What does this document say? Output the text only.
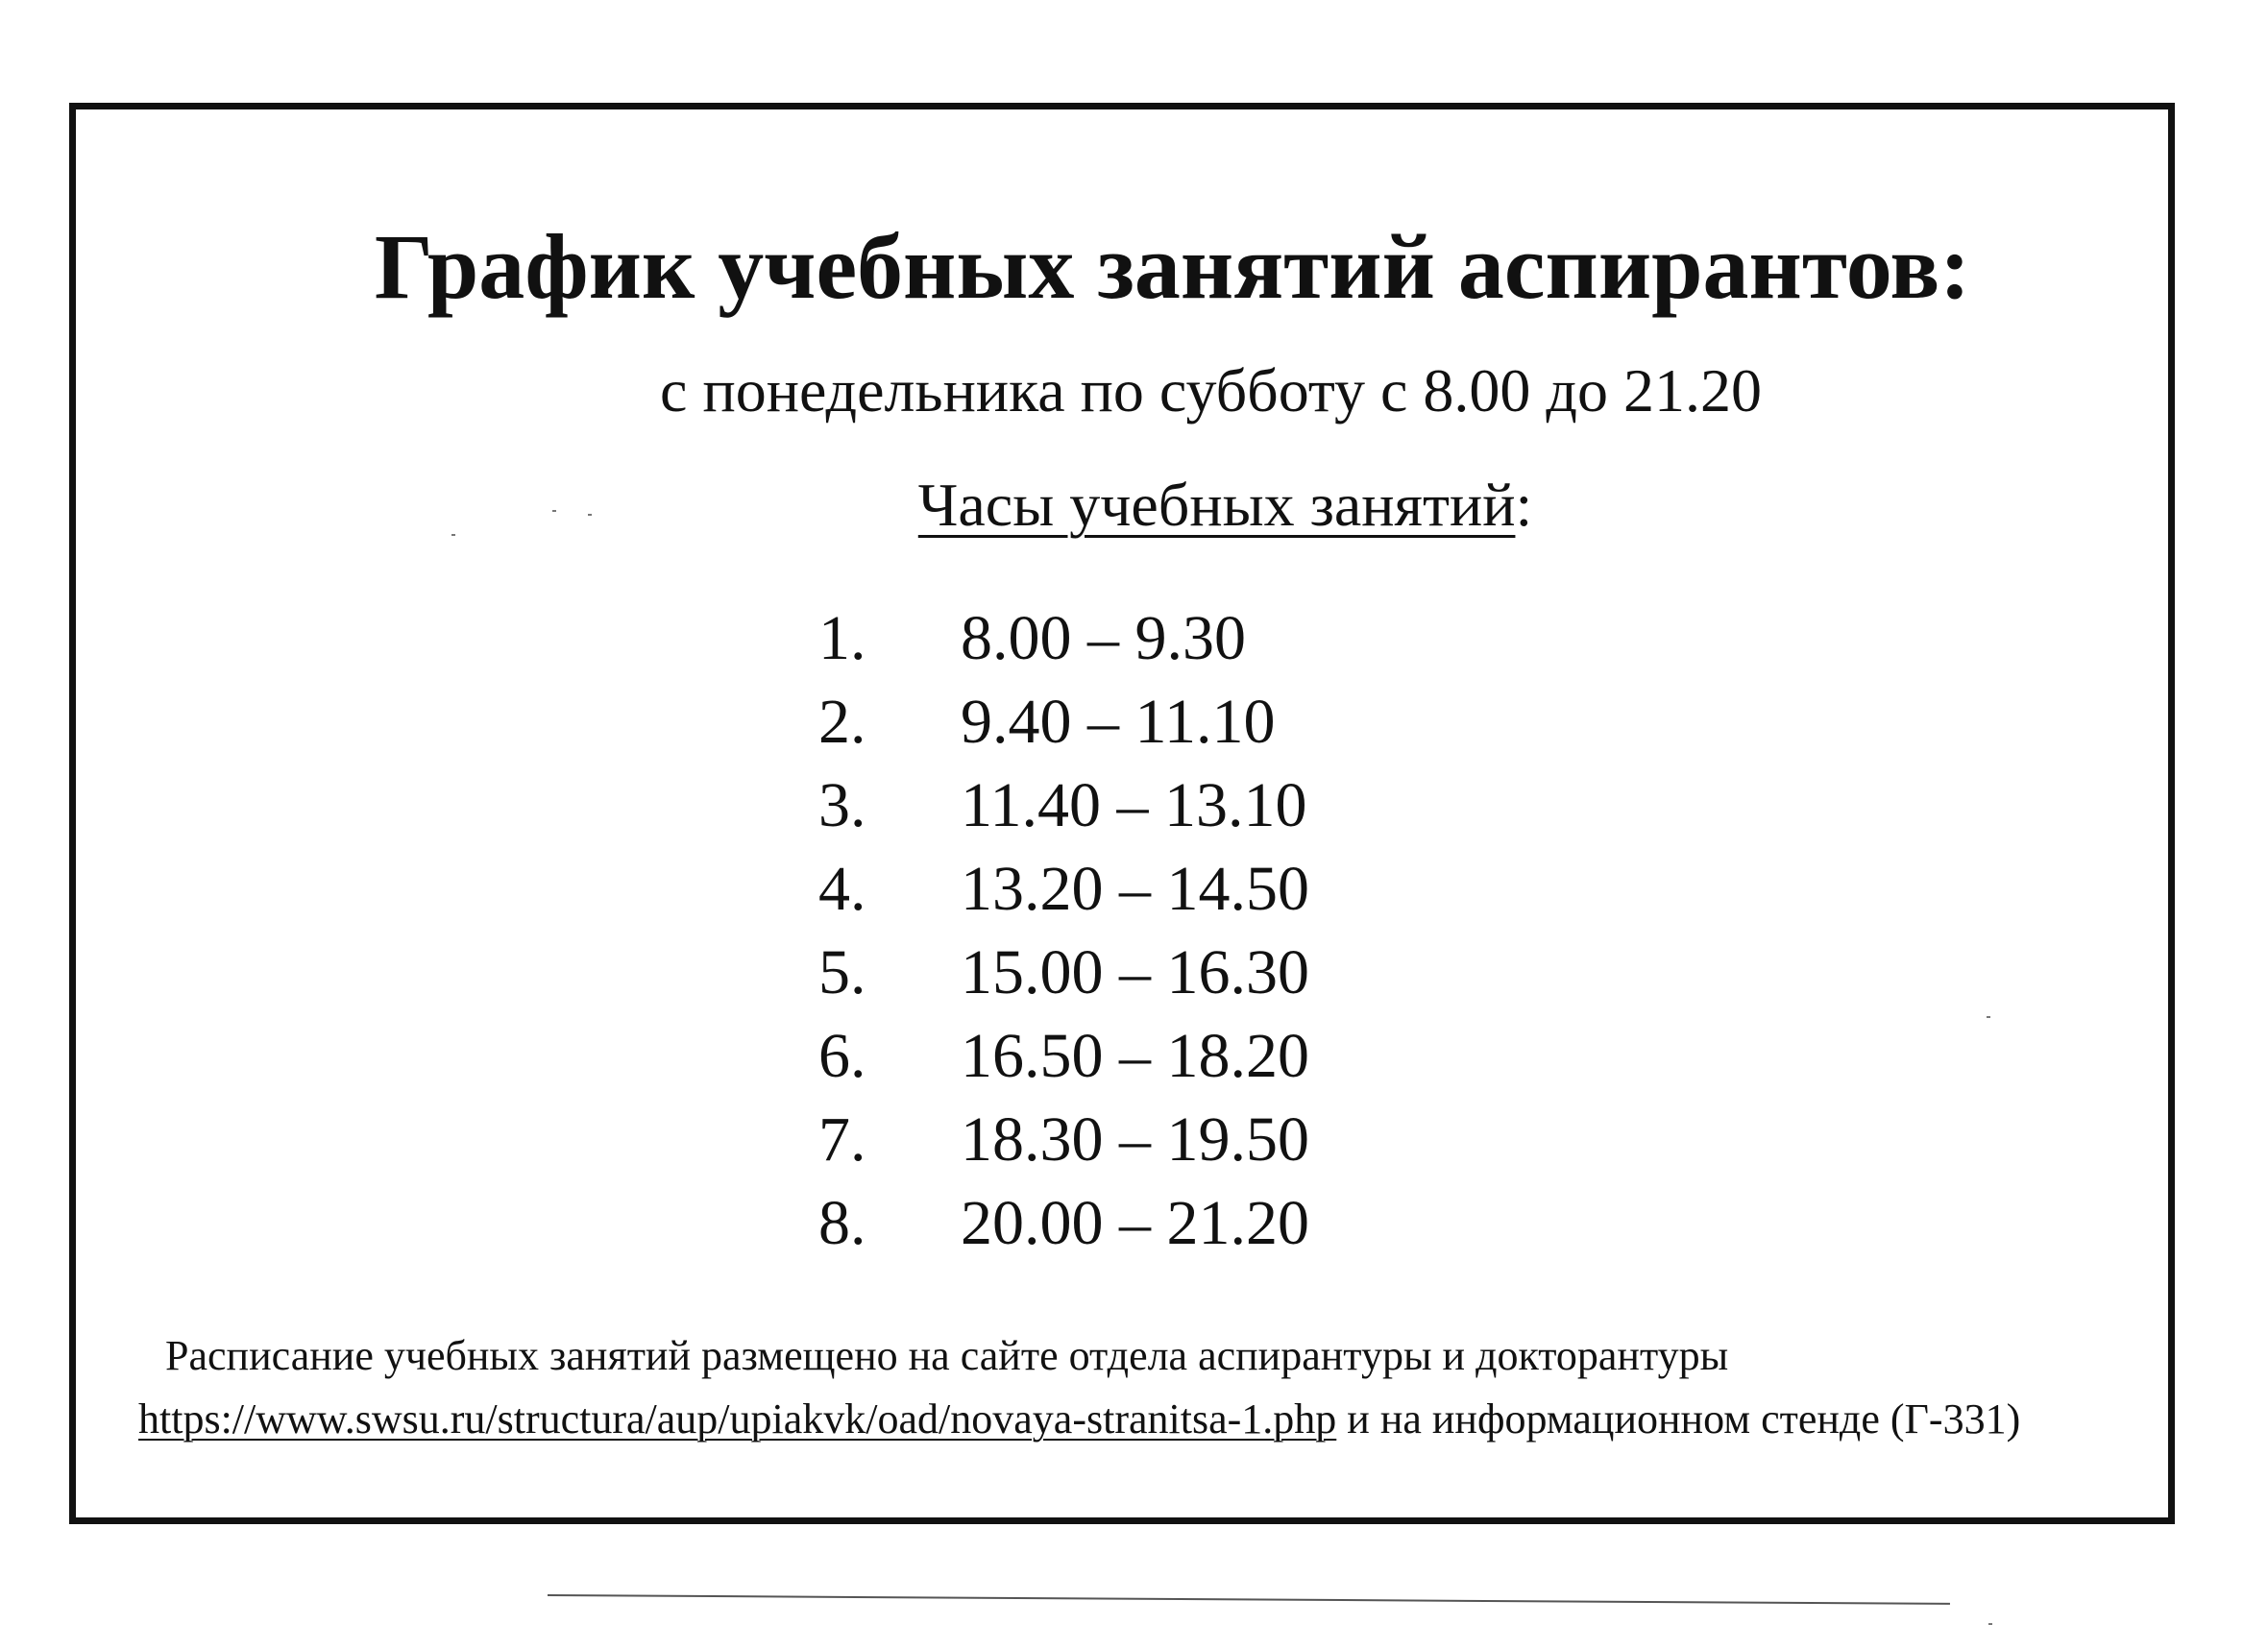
График учебных занятий аспирантов:
с понедельника по субботу с 8.00 до 21.20
Часы учебных занятий:
1.	8.00 – 9.30
2.	9.40 – 11.10
3.	11.40 – 13.10
4.	13.20 – 14.50
5.	15.00 – 16.30
6.	16.50 – 18.20
7.	18.30 – 19.50
8.	20.00 – 21.20
Расписание учебных занятий размещено на сайте отдела аспирантуры и докторантуры
https://www.swsu.ru/structura/aup/upiakvk/oad/novaya-stranitsa-1.php и на информационном стенде (Г-331)
